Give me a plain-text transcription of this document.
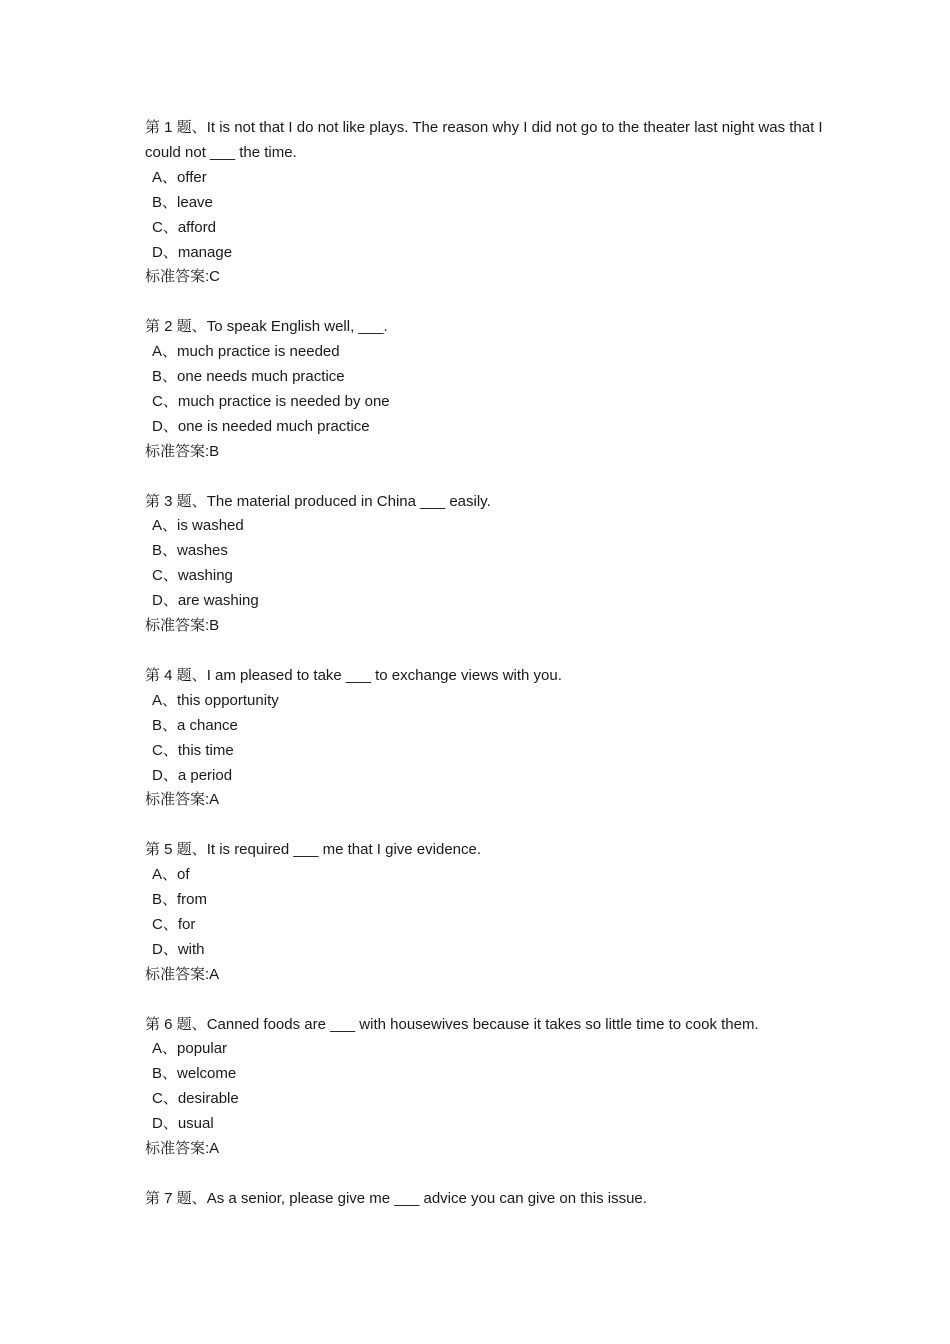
第 1 题、It is not that I do not like plays. The reason why I did not go to the theater last night was that I could not ___ the time.
A、offer
B、leave
C、afford
D、manage
标准答案:C
第 2 题、To speak English well, ___.
A、much practice is needed
B、one needs much practice
C、much practice is needed by one
D、one is needed much practice
标准答案:B
第 3 题、The material produced in China ___ easily.
A、is washed
B、washes
C、washing
D、are washing
标准答案:B
第 4 题、I am pleased to take ___ to exchange views with you.
A、this opportunity
B、a chance
C、this time
D、a period
标准答案:A
第 5 题、It is required ___ me that I give evidence.
A、of
B、from
C、for
D、with
标准答案:A
第 6 题、Canned foods are ___ with housewives because it takes so little time to cook them.
A、popular
B、welcome
C、desirable
D、usual
标准答案:A
第 7 题、As a senior, please give me ___ advice you can give on this issue.
